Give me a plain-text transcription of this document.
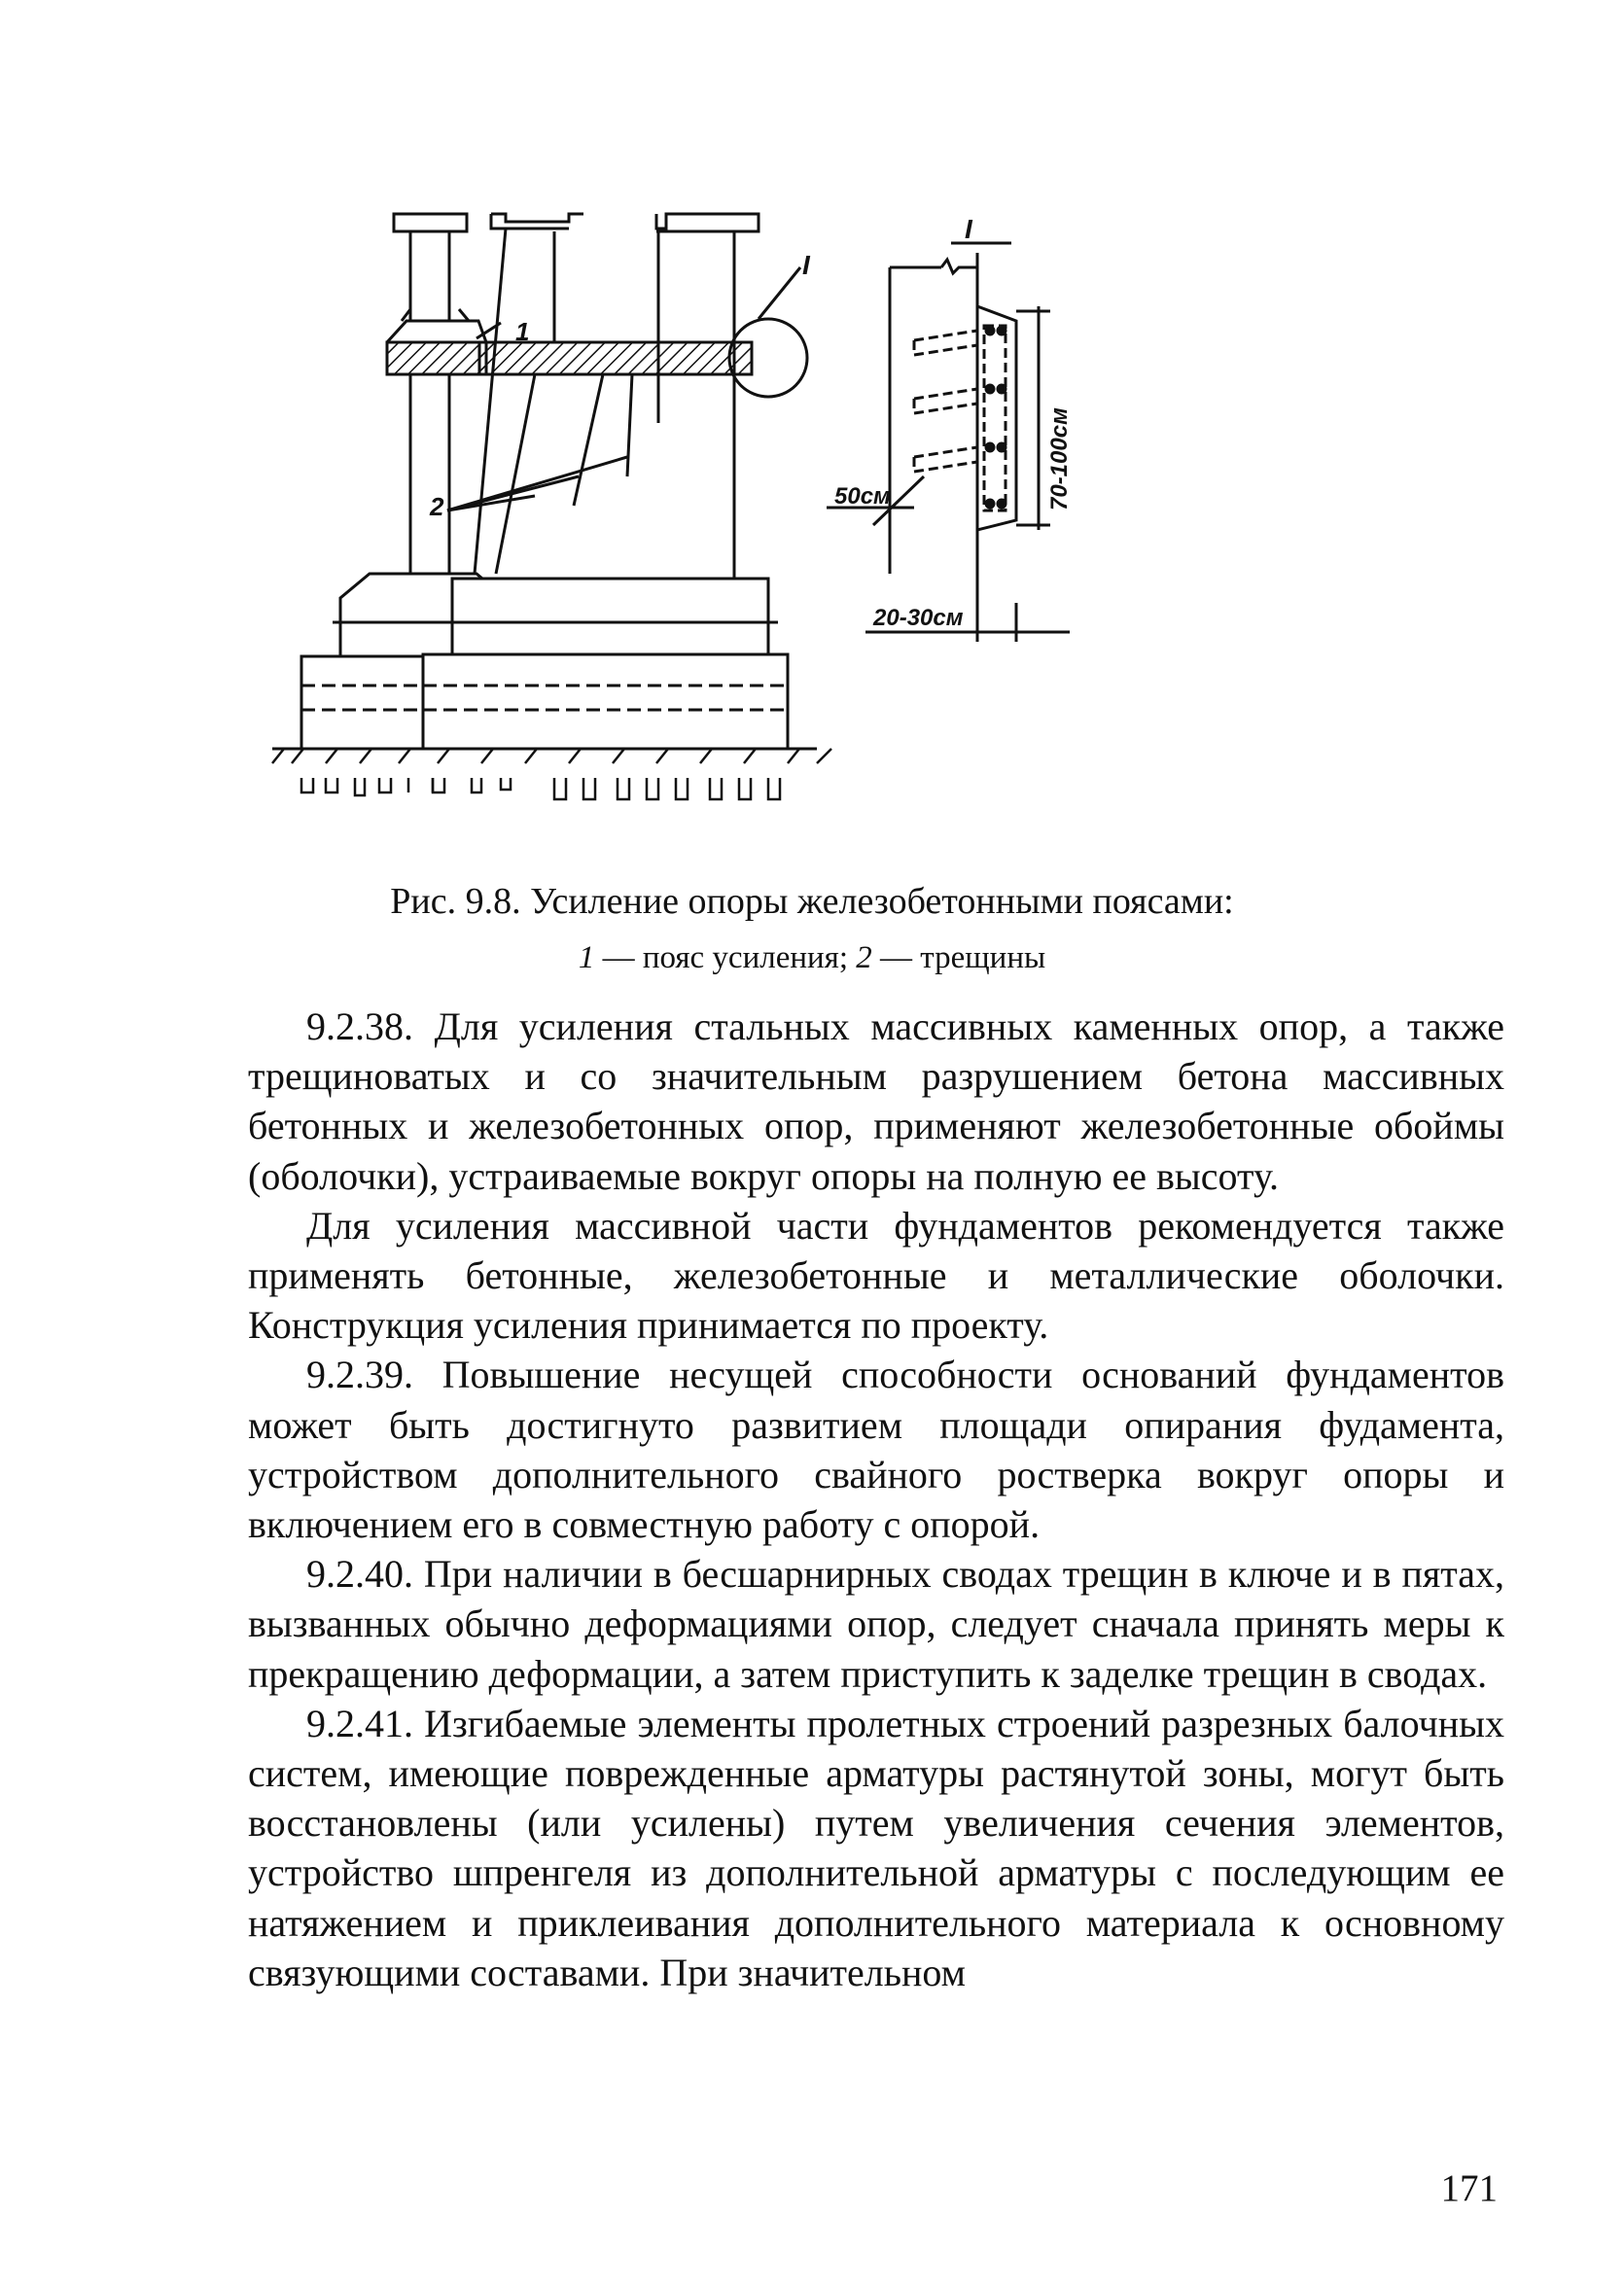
1
2
I
I
70-100см
50см
20-30см
Рис. 9.8. Усиление опоры железобетонными поясами:
1 — пояс усиления; 2 — трещины

9.2.38. Для усиления стальных массивных каменных опор, а также трещиноватых и со значительным разрушением бетона массивных бетонных и железобетонных опор, применяют железобетонные обоймы (оболочки), устраиваемые вокруг опоры на полную ее высоту.

Для усиления массивной части фундаментов рекомендуется также применять бетонные, железобетонные и металлические оболочки. Конструкция усиления принимается по проекту.

9.2.39. Повышение несущей способности оснований фундаментов может быть достигнуто развитием площади опирания фудамента, устройством дополнительного свайного ростверка вокруг опоры и включением его в совместную работу с опорой.

9.2.40. При наличии в бесшарнирных сводах трещин в ключе и в пятах, вызванных обычно деформациями опор, следует сначала принять меры к прекращению деформации, а затем приступить к заделке трещин в сводах.

9.2.41. Изгибаемые элементы пролетных строений разрезных балочных систем, имеющие поврежденные арматуры растянутой зоны, могут быть восстановлены (или усилены) путем увеличения сечения элементов, устройство шпренгеля из дополнительной арматуры с последующим ее натяжением и приклеивания дополнительного материала к основному связующими составами. При значительном

171
